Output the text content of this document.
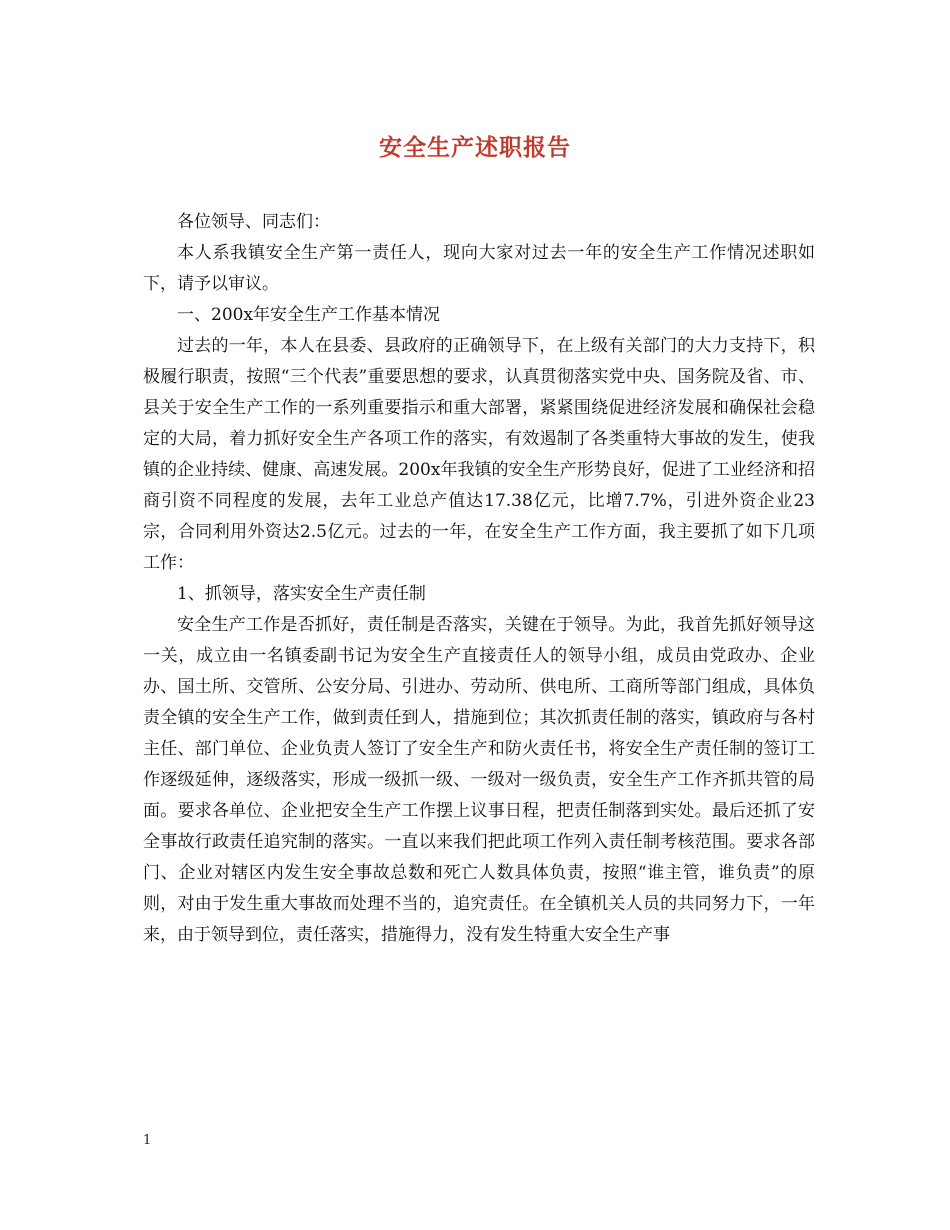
安全生产述职报告

各位领导、同志们：

本人系我镇安全生产第一责任人，现向大家对过去一年的安全生产工作情况述职如下，请予以审议。

一、200x年安全生产工作基本情况

过去的一年，本人在县委、县政府的正确领导下，在上级有关部门的大力支持下，积极履行职责，按照“三个代表”重要思想的要求，认真贯彻落实党中央、国务院及省、市、县关于安全生产工作的一系列重要指示和重大部署，紧紧围绕促进经济发展和确保社会稳定的大局，着力抓好安全生产各项工作的落实，有效遏制了各类重特大事故的发生，使我镇的企业持续、健康、高速发展。200x年我镇的安全生产形势良好，促进了工业经济和招商引资不同程度的发展，去年工业总产值达17.38亿元，比增7.7%，引进外资企业23宗，合同利用外资达2.5亿元。过去的一年，在安全生产工作方面，我主要抓了如下几项工作：

1、抓领导，落实安全生产责任制

安全生产工作是否抓好，责任制是否落实，关键在于领导。为此，我首先抓好领导这一关，成立由一名镇委副书记为安全生产直接责任人的领导小组，成员由党政办、企业办、国土所、交管所、公安分局、引进办、劳动所、供电所、工商所等部门组成，具体负责全镇的安全生产工作，做到责任到人，措施到位；其次抓责任制的落实，镇政府与各村主任、部门单位、企业负责人签订了安全生产和防火责任书，将安全生产责任制的签订工作逐级延伸，逐级落实，形成一级抓一级、一级对一级负责，安全生产工作齐抓共管的局面。要求各单位、企业把安全生产工作摆上议事日程，把责任制落到实处。最后还抓了安全事故行政责任追究制的落实。一直以来我们把此项工作列入责任制考核范围。要求各部门、企业对辖区内发生安全事故总数和死亡人数具体负责，按照“谁主管，谁负责”的原则，对由于发生重大事故而处理不当的，追究责任。在全镇机关人员的共同努力下，一年来，由于领导到位，责任落实，措施得力，没有发生特重大安全生产事

1
